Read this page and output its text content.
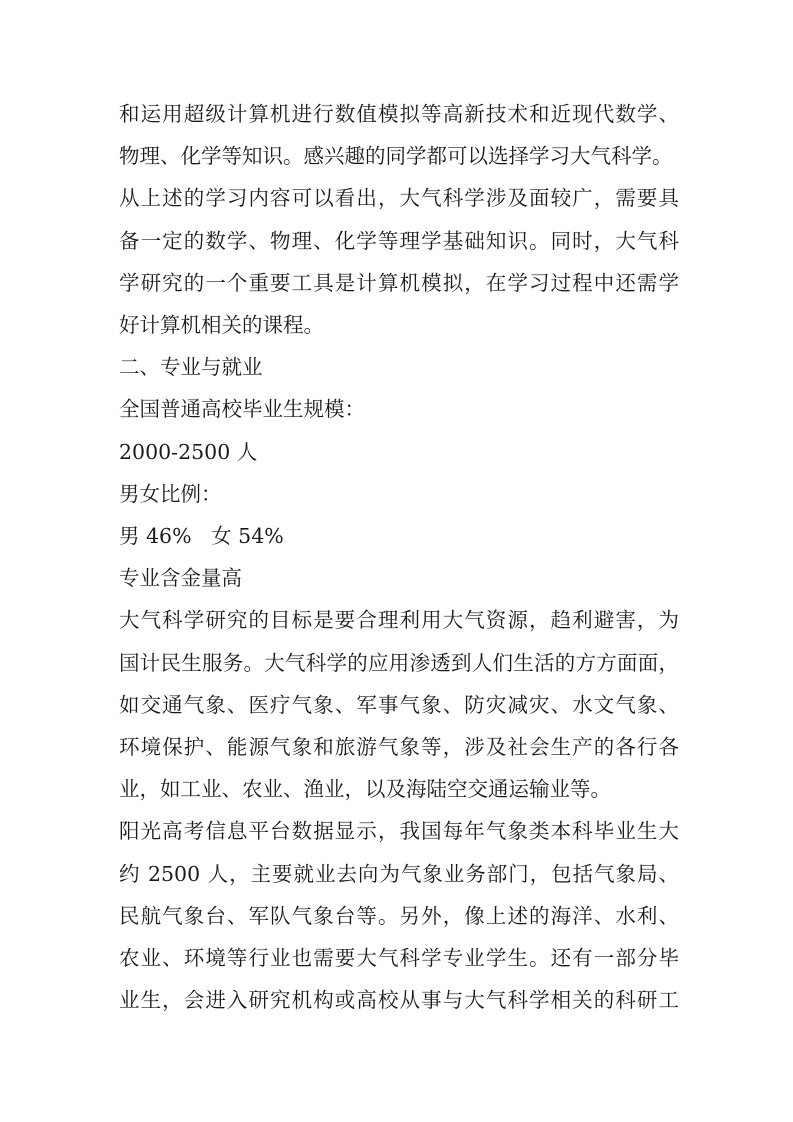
和运用超级计算机进行数值模拟等高新技术和近现代数学、
物理、化学等知识。感兴趣的同学都可以选择学习大气科学。
从上述的学习内容可以看出，大气科学涉及面较广，需要具
备一定的数学、物理、化学等理学基础知识。同时，大气科
学研究的一个重要工具是计算机模拟，在学习过程中还需学
好计算机相关的课程。

二、专业与就业

全国普通高校毕业生规模：

2000-2500 人

男女比例：

男 46%   女 54%

专业含金量高

大气科学研究的目标是要合理利用大气资源，趋利避害，为
国计民生服务。大气科学的应用渗透到人们生活的方方面面，
如交通气象、医疗气象、军事气象、防灾减灾、水文气象、
环境保护、能源气象和旅游气象等，涉及社会生产的各行各
业，如工业、农业、渔业，以及海陆空交通运输业等。
阳光高考信息平台数据显示，我国每年气象类本科毕业生大
约 2500 人，主要就业去向为气象业务部门，包括气象局、
民航气象台、军队气象台等。另外，像上述的海洋、水利、
农业、环境等行业也需要大气科学专业学生。还有一部分毕
业生，会进入研究机构或高校从事与大气科学相关的科研工
